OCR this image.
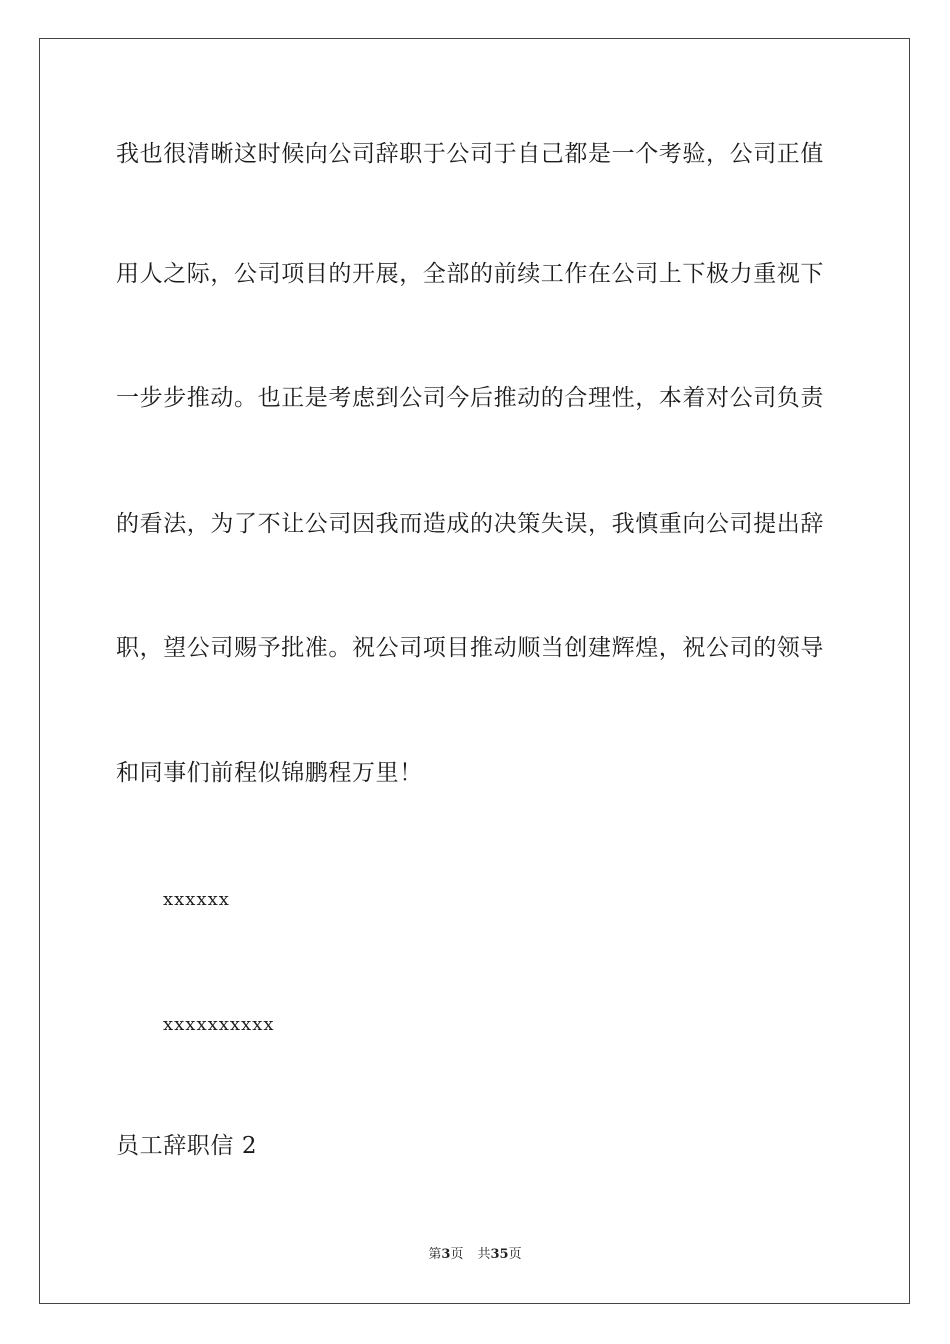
我也很清晰这时候向公司辞职于公司于自己都是一个考验，公司正值
用人之际，公司项目的开展，全部的前续工作在公司上下极力重视下
一步步推动。也正是考虑到公司今后推动的合理性，本着对公司负责
的看法，为了不让公司因我而造成的决策失误，我慎重向公司提出辞
职，望公司赐予批准。祝公司项目推动顺当创建辉煌，祝公司的领导
和同事们前程似锦鹏程万里！
xxxxxx
xxxxxxxxxx
员工辞职信 2
第3页 共35页
